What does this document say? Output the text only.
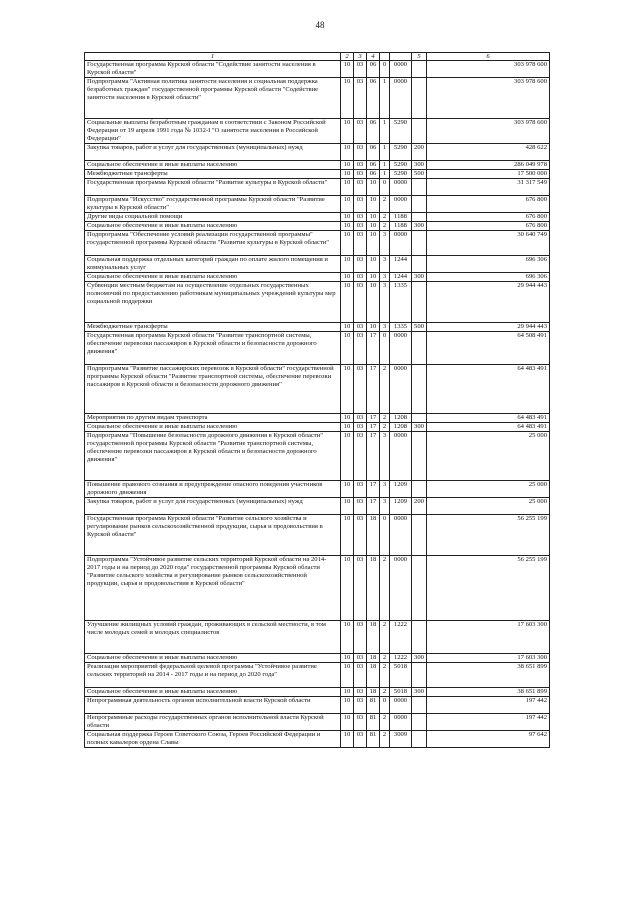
48
1	2	3	4			5	6
Государственная программа Курской области "Содействие занятости населения в Курской области"	10	03	06	0	0000		303 978 600
Подпрограмма "Активная политика занятости населения и социальная поддержка безработных граждан" государственной программы Курской области "Содействие занятости населения в Курской области"	10	03	06	1	0000		303 978 600
Социальные выплаты безработным гражданам в соответствии с Законом Российской Федерации от 19 апреля 1991 года № 1032-I "О занятости населения в Российской Федерации"	10	03	06	1	5290		303 978 600
Закупка товаров, работ и услуг для государственных (муниципальных) нужд	10	03	06	1	5290	200	428 622
Социальное обеспечение и иные выплаты населению	10	03	06	1	5290	300	286 049 978
Межбюджетные трансферты	10	03	06	1	5290	500	17 500 000
Государственная программа Курской области "Развитие культуры в Курской области"	10	03	10	0	0000		31 317 549
Подпрограмма "Искусство" государственной программы Курской области "Развитие культуры в Курской области"	10	03	10	2	0000		676 800
Другие виды социальной помощи	10	03	10	2	1188		676 800
Социальное обеспечение и иные выплаты населению	10	03	10	2	1188	300	676 800
Подпрограмма "Обеспечение условий реализации государственной программы" государственной программы Курской области "Развитие культуры в Курской области"	10	03	10	3	0000		30 640 749
Социальная поддержка отдельных категорий граждан по оплате жилого помещения и коммунальных услуг	10	03	10	3	1244		696 306
Социальное обеспечение и иные выплаты населению	10	03	10	3	1244	300	696 306
Субвенции местным бюджетам на осуществление отдельных государственных полномочий по предоставлению работникам муниципальных учреждений культуры мер социальной поддержки	10	03	10	3	1335		29 944 443
Межбюджетные трансферты	10	03	10	3	1335	500	29 944 443
Государственная программа Курской области "Развитие транспортной системы, обеспечение перевозки пассажиров в Курской области и безопасности дорожного движения"	10	03	17	0	0000		64 508 491
Подпрограмма "Развитие пассажирских перевозок в Курской области" государственной программы Курской области "Развитие транспортной системы, обеспечение перевозки пассажиров в Курской области и безопасности дорожного движения"	10	03	17	2	0000		64 483 491
Мероприятия по другим видам транспорта	10	03	17	2	1208		64 483 491
Социальное обеспечение и иные выплаты населению	10	03	17	2	1208	300	64 483 491
Подпрограмма "Повышение безопасности дорожного движения в Курской области" государственной программы Курской области "Развитие транспортной системы, обеспечение перевозки пассажиров в Курской области и безопасности дорожного движения"	10	03	17	3	0000		25 000
Повышение правового сознания и предупреждение опасного поведения участников дорожного движения	10	03	17	3	1209		25 000
Закупка товаров, работ и услуг для государственных (муниципальных) нужд	10	03	17	3	1209	200	25 000
Государственная программа Курской области "Развитие сельского хозяйства и регулирование рынков сельскохозяйственной продукции, сырья и продовольствия в Курской области"	10	03	18	0	0000		56 255 199
Подпрограмма "Устойчивое развитие сельских территорий Курской области на 2014-2017 годы и на период до 2020 года" государственной программы Курской области "Развитие сельского хозяйства и регулирование рынков сельскохозяйственной продукции, сырья и продовольствия в Курской области"	10	03	18	2	0000		56 255 199
Улучшение жилищных условий граждан, проживающих в сельской местности, в том числе молодых семей и молодых специалистов	10	03	18	2	1222		17 603 300
Социальное обеспечение и иные выплаты населению	10	03	18	2	1222	300	17 603 300
Реализация мероприятий федеральной целевой программы "Устойчивое развитие сельских территорий на 2014 - 2017 годы и на период до 2020 года"	10	03	18	2	5018		38 651 899
Социальное обеспечение и иные выплаты населению	10	03	18	2	5018	300	38 651 899
Непрограммная деятельность органов исполнительной власти Курской области	10	03	81	0	0000		197 442
Непрограммные расходы государственных органов исполнительной власти Курской области	10	03	81	2	0000		197 442
Социальная поддержка Героев Советского Союза, Героев Российской Федерации и полных кавалеров ордена Славы	10	03	81	2	3009		97 642
